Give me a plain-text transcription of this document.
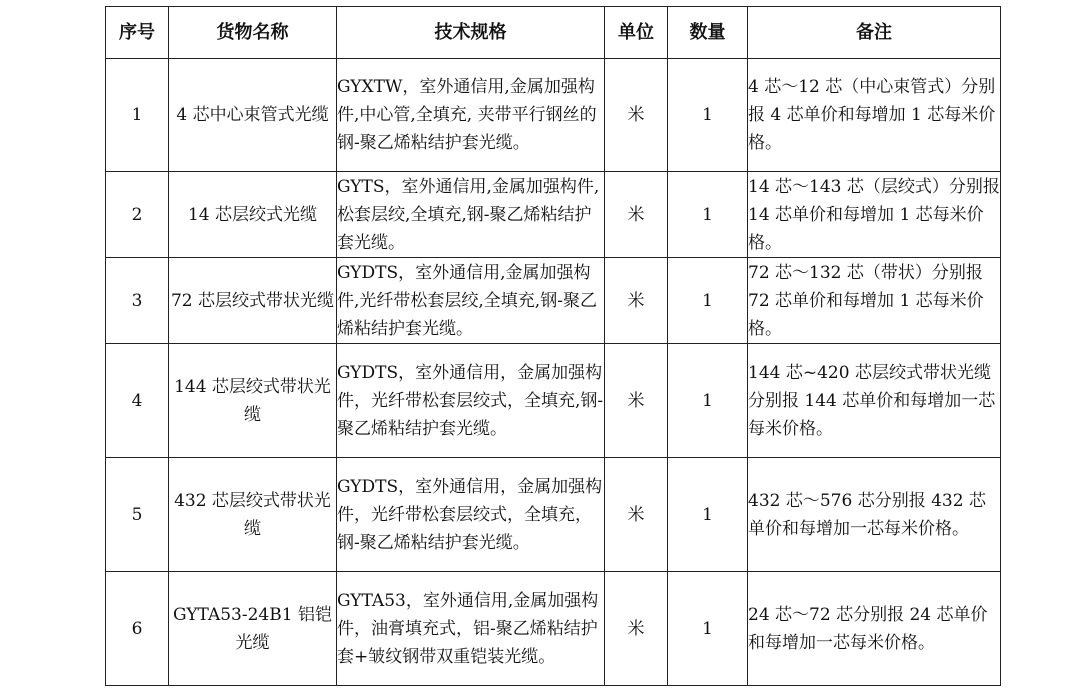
序号	货物名称	技术规格	单位	数量	备注
1	4 芯中心束管式光缆	GYXTW，室外通信用,金属加强构件,中心管,全填充, 夹带平行钢丝的钢-聚乙烯粘结护套光缆。	米	1	4 芯～12 芯（中心束管式）分别报 4 芯单价和每增加 1 芯每米价格。
2	14 芯层绞式光缆	GYTS，室外通信用,金属加强构件,松套层绞,全填充,钢-聚乙烯粘结护套光缆。	米	1	14 芯～143 芯（层绞式）分别报 14 芯单价和每增加 1 芯每米价格。
3	72 芯层绞式带状光缆	GYDTS，室外通信用,金属加强构件,光纤带松套层绞,全填充,钢-聚乙烯粘结护套光缆。	米	1	72 芯～132 芯（带状）分别报 72 芯单价和每增加 1 芯每米价格。
4	144 芯层绞式带状光缆	GYDTS，室外通信用，金属加强构件，光纤带松套层绞式，全填充,钢-聚乙烯粘结护套光缆。	米	1	144 芯~420 芯层绞式带状光缆分别报 144 芯单价和每增加一芯每米价格。
5	432 芯层绞式带状光缆	GYDTS，室外通信用，金属加强构件，光纤带松套层绞式，全填充，钢-聚乙烯粘结护套光缆。	米	1	432 芯～576 芯分别报 432 芯单价和每增加一芯每米价格。
6	GYTA53-24B1 铝铠光缆	GYTA53，室外通信用,金属加强构件，油膏填充式，铝-聚乙烯粘结护套+皱纹钢带双重铠装光缆。	米	1	24 芯～72 芯分别报 24 芯单价和每增加一芯每米价格。
